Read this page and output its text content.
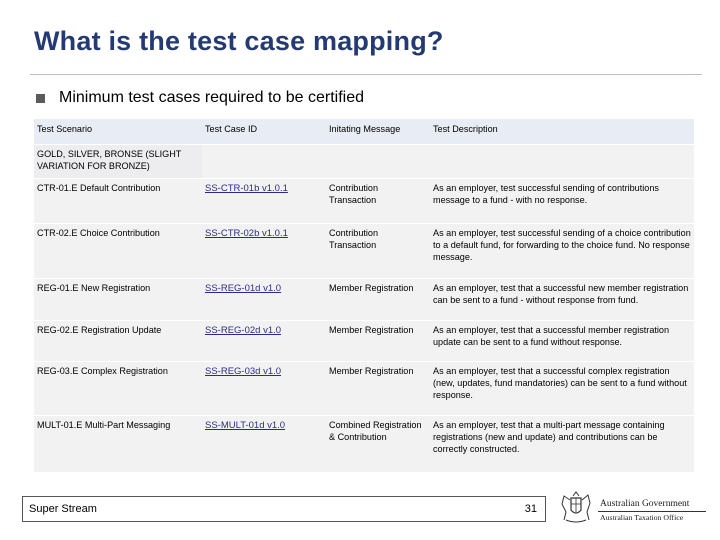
What is the test case mapping?
Minimum test cases required to be certified
Test Scenario	Test Case ID	Initating Message	Test Description
GOLD, SILVER, BRONSE (SLIGHT VARIATION FOR BRONZE)			
CTR-01.E Default Contribution	SS-CTR-01b v1.0.1	Contribution Transaction	As an employer, test successful sending of contributions message to a fund - with no response.
CTR-02.E Choice Contribution	SS-CTR-02b v1.0.1	Contribution Transaction	As an employer, test successful sending of a choice contribution to a default fund, for forwarding to the choice fund. No response message.
REG-01.E New Registration	SS-REG-01d v1.0	Member Registration	As an employer, test that a successful new member registration can be sent to a fund - without response from fund.
REG-02.E Registration Update	SS-REG-02d v1.0	Member Registration	As an employer, test that a successful member registration update can be sent to a fund without response.
REG-03.E Complex Registration	SS-REG-03d v1.0	Member Registration	As an employer, test that a successful complex registration (new, updates, fund mandatories) can be sent to a fund without response.
MULT-01.E Multi-Part Messaging	SS-MULT-01d v1.0	Combined Registration & Contribution	As an employer, test that a multi-part message containing registrations (new and update) and contributions can be correctly constructed.
Super Stream	31	Australian Government
Australian Taxation Office
